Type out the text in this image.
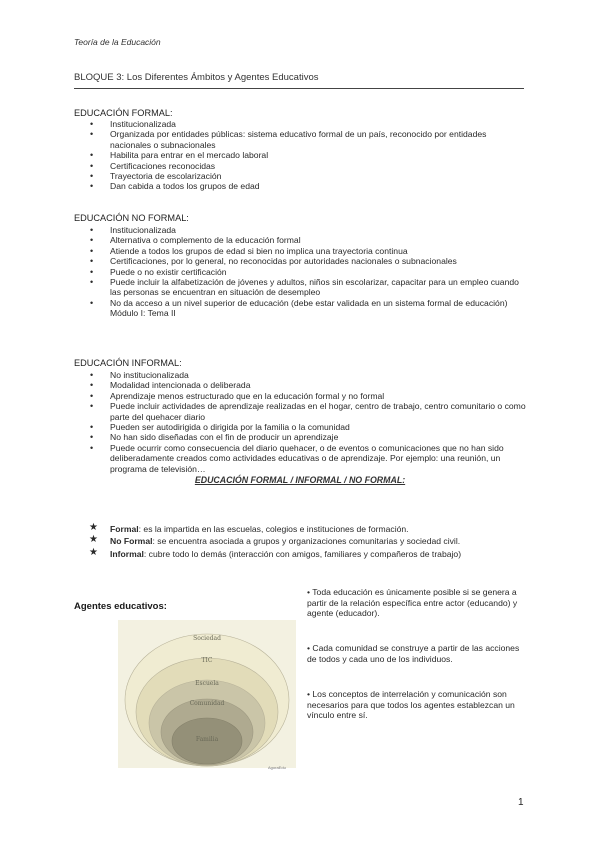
Teoría de la Educación
BLOQUE 3: Los Diferentes Ámbitos y Agentes Educativos
EDUCACIÓN FORMAL:
• Institucionalizada
• Organizada por entidades públicas: sistema educativo formal de un país, reconocido por entidades nacionales o subnacionales
• Habilita para entrar en el mercado laboral
• Certificaciones reconocidas
• Trayectoria de escolarización
• Dan cabida a todos los grupos de edad
EDUCACIÓN NO FORMAL:
• Institucionalizada
• Alternativa o complemento de la educación formal
• Atiende a todos los grupos de edad si bien no implica una trayectoria continua
• Certificaciones, por lo general, no reconocidas por autoridades nacionales o subnacionales
• Puede o no existir certificación
• Puede incluir la alfabetización de jóvenes y adultos, niños sin escolarizar, capacitar para un empleo cuando las personas se encuentran en situación de desempleo
• No da acceso a un nivel superior de educación (debe estar validada en un sistema formal de educación) Módulo I: Tema II
EDUCACIÓN INFORMAL:
• No institucionalizada
• Modalidad intencionada o deliberada
• Aprendizaje menos estructurado que en la educación formal y no formal
• Puede incluir actividades de aprendizaje realizadas en el hogar, centro de trabajo, centro comunitario o como parte del quehacer diario
• Pueden ser autodirigida o dirigida por la familia o la comunidad
• No han sido diseñadas con el fin de producir un aprendizaje
• Puede ocurrir como consecuencia del diario quehacer, o de eventos o comunicaciones que no han sido deliberadamente creados como actividades educativas o de aprendizaje. Por ejemplo: una reunión, un programa de televisión…
EDUCACIÓN FORMAL / INFORMAL / NO FORMAL:
★ Formal: es la impartida en las escuelas, colegios e instituciones de formación.
★ No Formal: se encuentra asociada a grupos y organizaciones comunitarias y sociedad civil.
★ Informal: cubre todo lo demás (interacción con amigos, familiares y compañeros de trabajo)
Agentes educativos:
Sociedad
TIC
Escuela
Comunidad
Familia
AgoraEdu
• Toda educación es únicamente posible si se genera a partir de la relación específica entre actor (educando) y agente (educador).
• Cada comunidad se construye a partir de las acciones de todos y cada uno de los individuos.
• Los conceptos de interrelación y comunicación son necesarios para que todos los agentes establezcan un vínculo entre sí.
1
